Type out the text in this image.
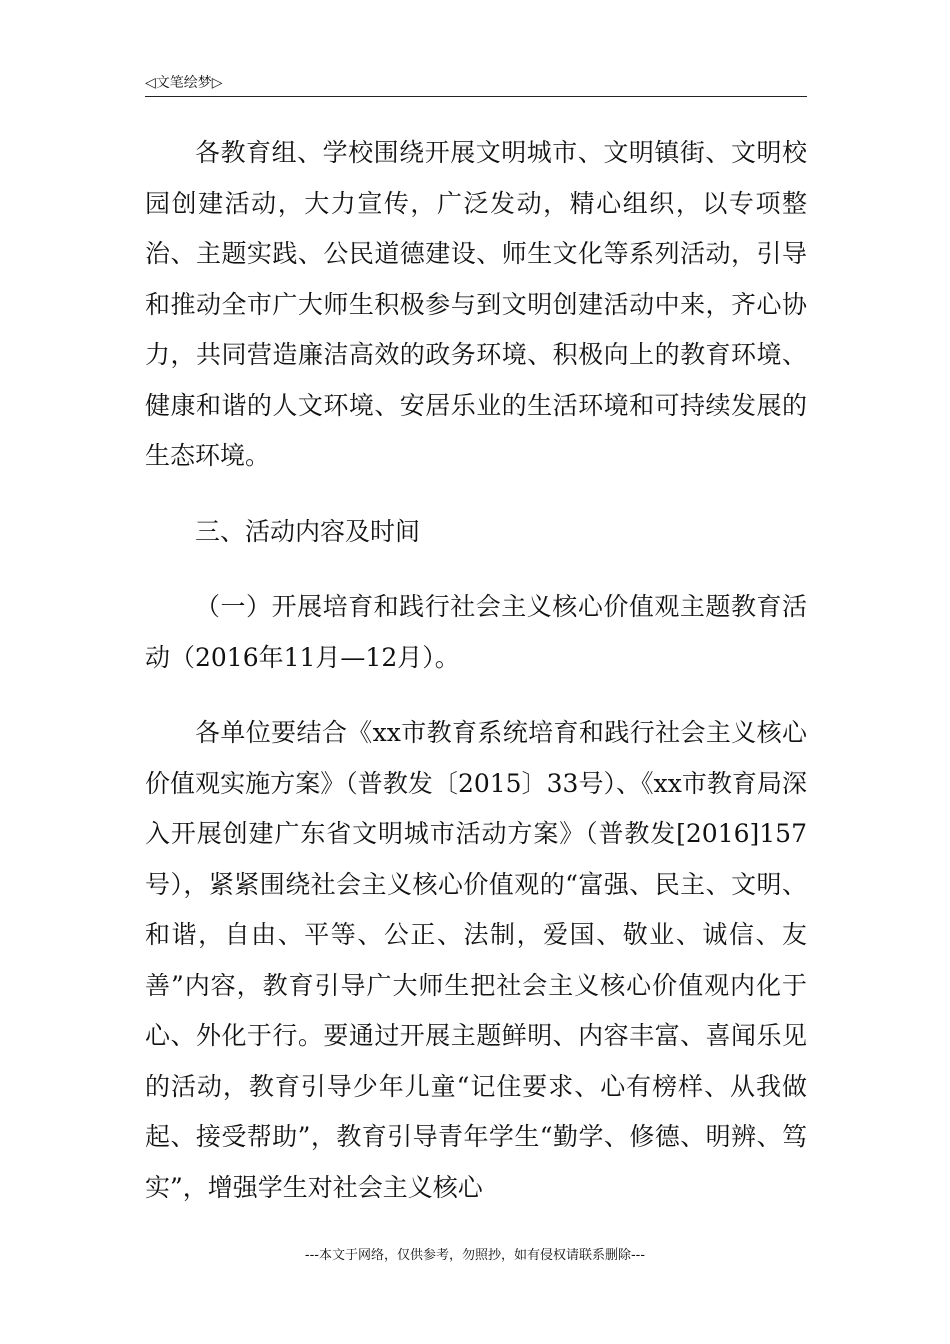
◁文笔绘梦▷

各教育组、学校围绕开展文明城市、文明镇街、文明校园创建活动，大力宣传，广泛发动，精心组织，以专项整治、主题实践、公民道德建设、师生文化等系列活动，引导和推动全市广大师生积极参与到文明创建活动中来，齐心协力，共同营造廉洁高效的政务环境、积极向上的教育环境、健康和谐的人文环境、安居乐业的生活环境和可持续发展的生态环境。

三、活动内容及时间

（一）开展培育和践行社会主义核心价值观主题教育活动（2016年11月—12月）。

各单位要结合《xx市教育系统培育和践行社会主义核心价值观实施方案》（普教发〔2015〕33号）、《xx市教育局深入开展创建广东省文明城市活动方案》（普教发[2016]157号），紧紧围绕社会主义核心价值观的“富强、民主、文明、和谐，自由、平等、公正、法制，爱国、敬业、诚信、友善”内容，教育引导广大师生把社会主义核心价值观内化于心、外化于行。要通过开展主题鲜明、内容丰富、喜闻乐见的活动，教育引导少年儿童“记住要求、心有榜样、从我做起、接受帮助”，教育引导青年学生“勤学、修德、明辨、笃实”，增强学生对社会主义核心

---本文于网络，仅供参考，勿照抄，如有侵权请联系删除---
